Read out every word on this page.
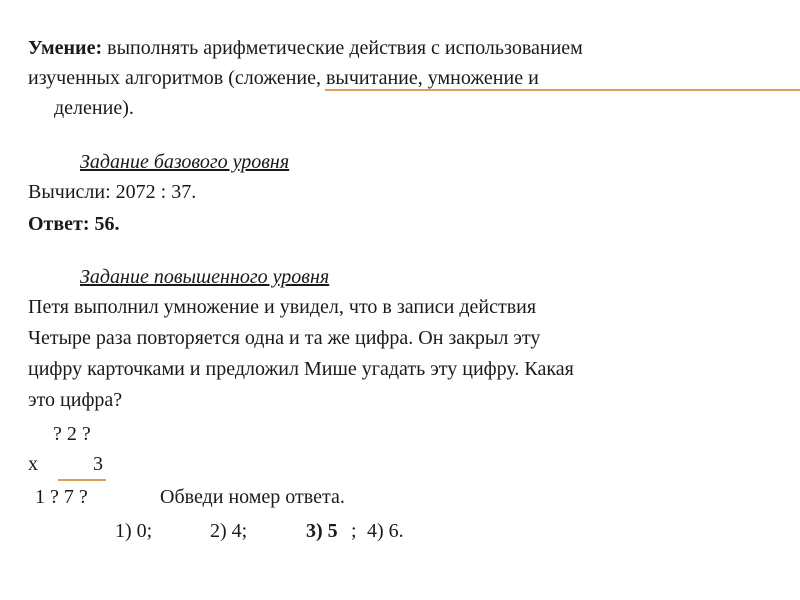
Умение: выполнять арифметические действия с использованием

изученных алгоритмов (сложение, вычитание, умножение и

деление).

Задание базового уровня

Вычисли: 2072 : 37.

Ответ: 56.

Задание повышенного уровня

Петя выполнил умножение и увидел, что в записи действия

Четыре раза повторяется одна и та же цифра. Он закрыл эту

цифру карточками и предложил Мише угадать эту цифру. Какая

это цифра?

? 2 ?

х	3

1 ? 7 ?	Обведи номер ответа.

1) 0;	2) 4;	3) 5 ; 4) 6.
